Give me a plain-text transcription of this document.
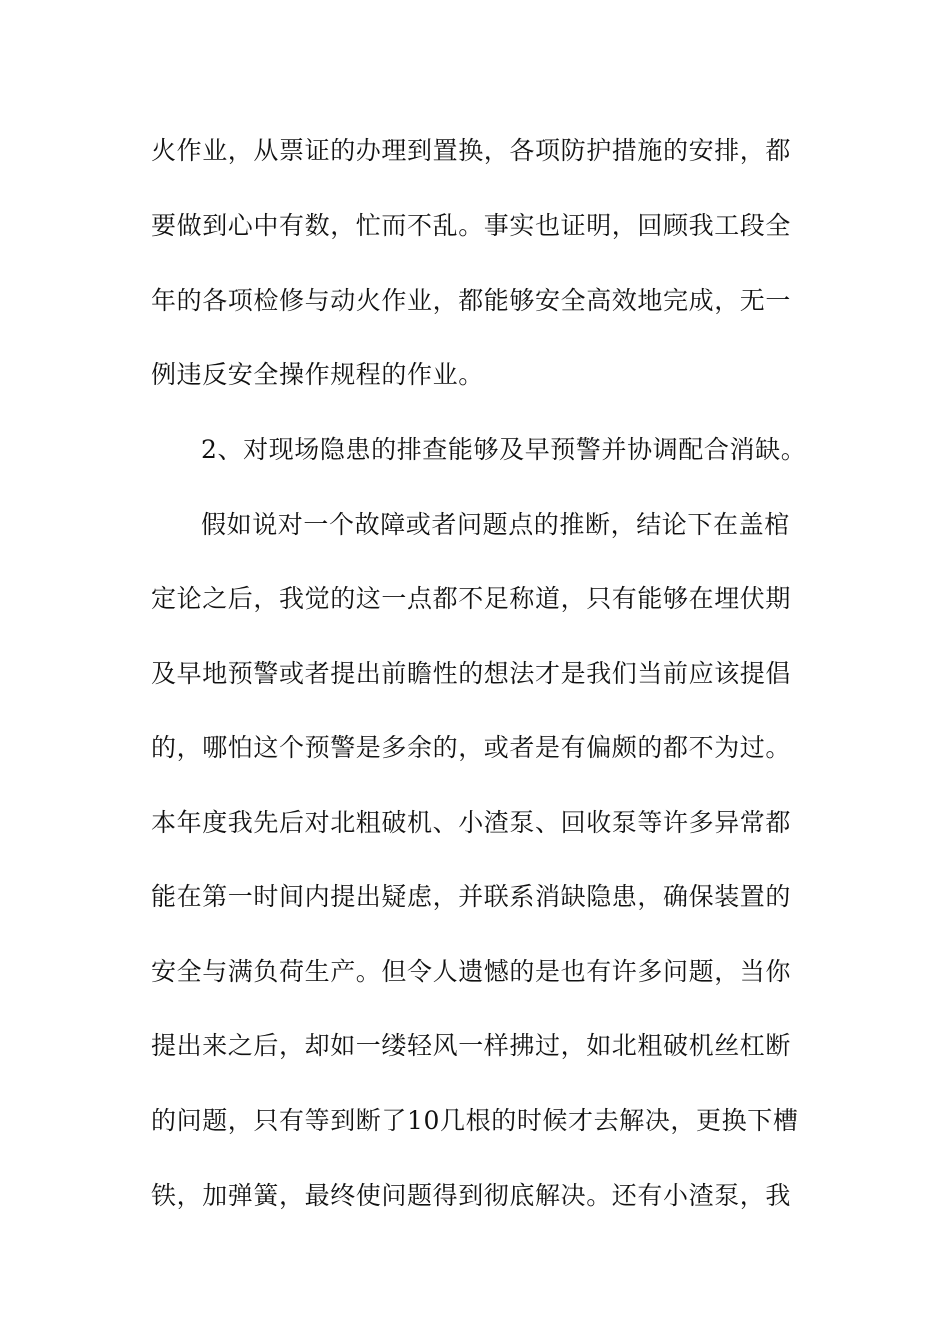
火作业，从票证的办理到置换，各项防护措施的安排，都
要做到心中有数，忙而不乱。事实也证明，回顾我工段全
年的各项检修与动火作业，都能够安全高效地完成，无一
例违反安全操作规程的作业。
2、对现场隐患的排查能够及早预警并协调配合消缺。
假如说对一个故障或者问题点的推断，结论下在盖棺
定论之后，我觉的这一点都不足称道，只有能够在埋伏期
及早地预警或者提出前瞻性的想法才是我们当前应该提倡
的，哪怕这个预警是多余的，或者是有偏颇的都不为过。
本年度我先后对北粗破机、小渣泵、回收泵等许多异常都
能在第一时间内提出疑虑，并联系消缺隐患，确保装置的
安全与满负荷生产。但令人遗憾的是也有许多问题，当你
提出来之后，却如一缕轻风一样拂过，如北粗破机丝杠断
的问题，只有等到断了10几根的时候才去解决，更换下槽
铁，加弹簧，最终使问题得到彻底解决。还有小渣泵，我
